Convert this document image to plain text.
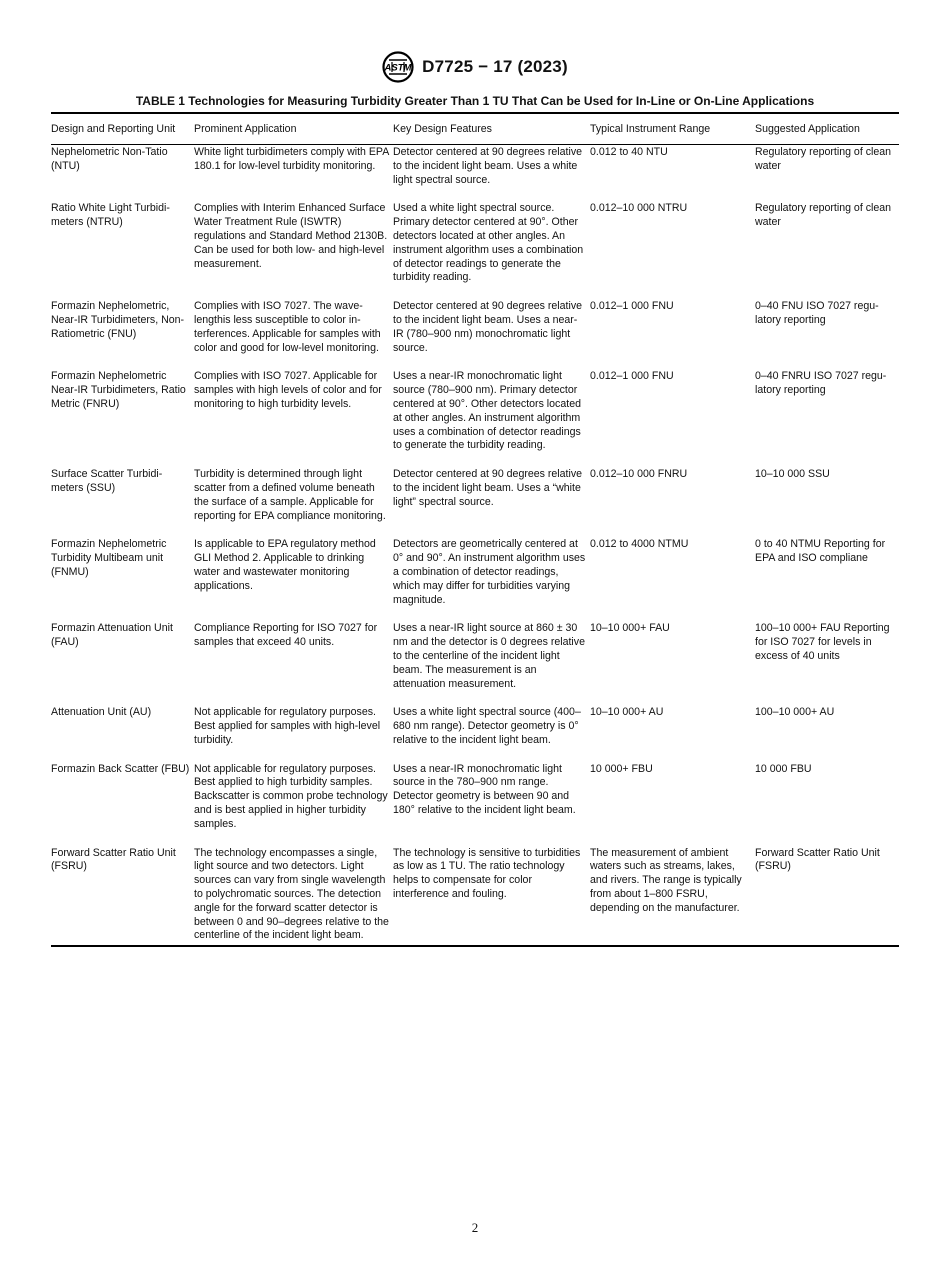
ASTM D7725 − 17 (2023)
TABLE 1 Technologies for Measuring Turbidity Greater Than 1 TU That Can be Used for In-Line or On-Line Applications
Design and Reporting Unit	Prominent Application	Key Design Features	Typical Instrument Range	Suggested Application
Nephelometric Non-Tatio (NTU)	White light turbidimeters comply with EPA 180.1 for low-level turbidity monitoring.	Detector centered at 90 degrees relative to the incident light beam. Uses a white light spectral source.	0.012 to 40 NTU	Regulatory reporting of clean water
Ratio White Light Turbidimeters (NTRU)	Complies with Interim Enhanced Surface Water Treatment Rule (ISWTR) regulations and Standard Method 2130B. Can be used for both low- and high-level measurement.	Used a white light spectral source. Primary detector centered at 90°. Other detectors located at other angles. An instrument algorithm uses a combination of detector readings to generate the turbidity reading.	0.012–10 000 NTRU	Regulatory reporting of clean water
Formazin Nephelometric, Near-IR Turbidimeters, Non-Ratiometric (FNU)	Complies with ISO 7027. The wavelengthis less susceptible to color interferences. Applicable for samples with color and good for low-level monitoring.	Detector centered at 90 degrees relative to the incident light beam. Uses a near-IR (780–900 nm) monochromatic light source.	0.012–1 000 FNU	0–40 FNU ISO 7027 regulatory reporting
Formazin Nephelometric Near-IR Turbidimeters, Ratio Metric (FNRU)	Complies with ISO 7027. Applicable for samples with high levels of color and for monitoring to high turbidity levels.	Uses a near-IR monochromatic light source (780–900 nm). Primary detector centered at 90°. Other detectors located at other angles. An instrument algorithm uses a combination of detector readings to generate the turbidity reading.	0.012–1 000 FNU	0–40 FNRU ISO 7027 regulatory reporting
Surface Scatter Turbidimeters (SSU)	Turbidity is determined through light scatter from a defined volume beneath the surface of a sample. Applicable for reporting for EPA compliance monitoring.	Detector centered at 90 degrees relative to the incident light beam. Uses a “white light” spectral source.	0.012–10 000 FNRU	10–10 000 SSU
Formazin Nephelometric Turbidity Multibeam unit (FNMU)	Is applicable to EPA regulatory method GLI Method 2. Applicable to drinking water and wastewater monitoring applications.	Detectors are geometrically centered at 0° and 90°. An instrument algorithm uses a combination of detector readings, which may differ for turbidities varying magnitude.	0.012 to 4000 NTMU	0 to 40 NTMU Reporting for EPA and ISO compliane
Formazin Attenuation Unit (FAU)	Compliance Reporting for ISO 7027 for samples that exceed 40 units.	Uses a near-IR light source at 860 ± 30 nm and the detector is 0 degrees relative to the centerline of the incident light beam. The measurement is an attenuation measurement.	10–10 000+ FAU	100–10 000+ FAU Reporting for ISO 7027 for levels in excess of 40 units
Attenuation Unit (AU)	Not applicable for regulatory purposes. Best applied for samples with high-level turbidity.	Uses a white light spectral source (400–680 nm range). Detector geometry is 0° relative to the incident light beam.	10–10 000+ AU	100–10 000+ AU
Formazin Back Scatter (FBU)	Not applicable for regulatory purposes. Best applied to high turbidity samples. Backscatter is common probe technology and is best applied in higher turbidity samples.	Uses a near-IR monochromatic light source in the 780–900 nm range. Detector geometry is between 90 and 180° relative to the incident light beam.	10 000+ FBU	10 000 FBU
Forward Scatter Ratio Unit (FSRU)	The technology encompasses a single, light source and two detectors. Light sources can vary from single wavelength to polychromatic sources. The detection angle for the forward scatter detector is between 0 and 90–degrees relative to the centerline of the incident light beam.	The technology is sensitive to turbidities as low as 1 TU. The ratio technology helps to compensate for color interference and fouling.	The measurement of ambient waters such as streams, lakes, and rivers. The range is typically from about 1–800 FSRU, depending on the manufacturer.	Forward Scatter Ratio Unit (FSRU)
2
